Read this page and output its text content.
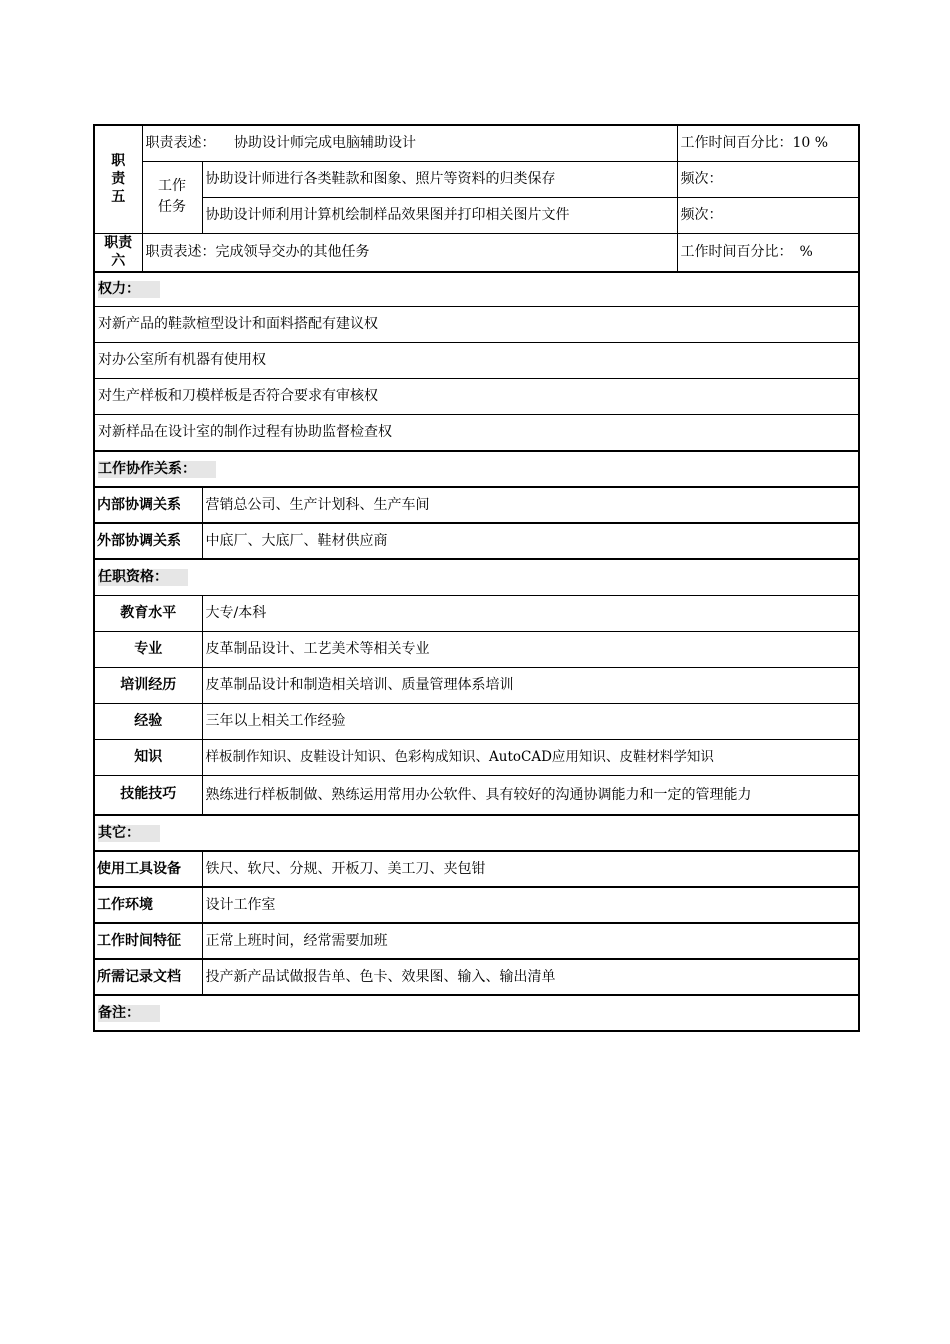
职责五	职责表述： 协助设计师完成电脑辅助设计		工作时间百分比：10 %
	工作任务	协助设计师进行各类鞋款和图象、照片等资料的归类保存	频次：
		协助设计师利用计算机绘制样品效果图并打印相关图片文件	频次：
职责六	职责表述：完成领导交办的其他任务		工作时间百分比：　%
权力：			
对新产品的鞋款楦型设计和面料搭配有建议权			
对办公室所有机器有使用权			
对生产样板和刀模样板是否符合要求有审核权			
对新样品在设计室的制作过程有协助监督检查权			
工作协作关系：			
内部协调关系		营销总公司、生产计划科、生产车间	
外部协调关系		中底厂、大底厂、鞋材供应商	
任职资格：			
教育水平		大专/本科	
专业		皮革制品设计、工艺美术等相关专业	
培训经历		皮革制品设计和制造相关培训、质量管理体系培训	
经验		三年以上相关工作经验	
知识		样板制作知识、皮鞋设计知识、色彩构成知识、AutoCAD应用知识、皮鞋材料学知识	
技能技巧		熟练进行样板制做、熟练运用常用办公软件、具有较好的沟通协调能力和一定的管理能力	
其它：			
使用工具设备		铁尺、软尺、分规、开板刀、美工刀、夹包钳	
工作环境		设计工作室	
工作时间特征		正常上班时间，经常需要加班	
所需记录文档		投产新产品试做报告单、色卡、效果图、输入、输出清单	
备注：			
